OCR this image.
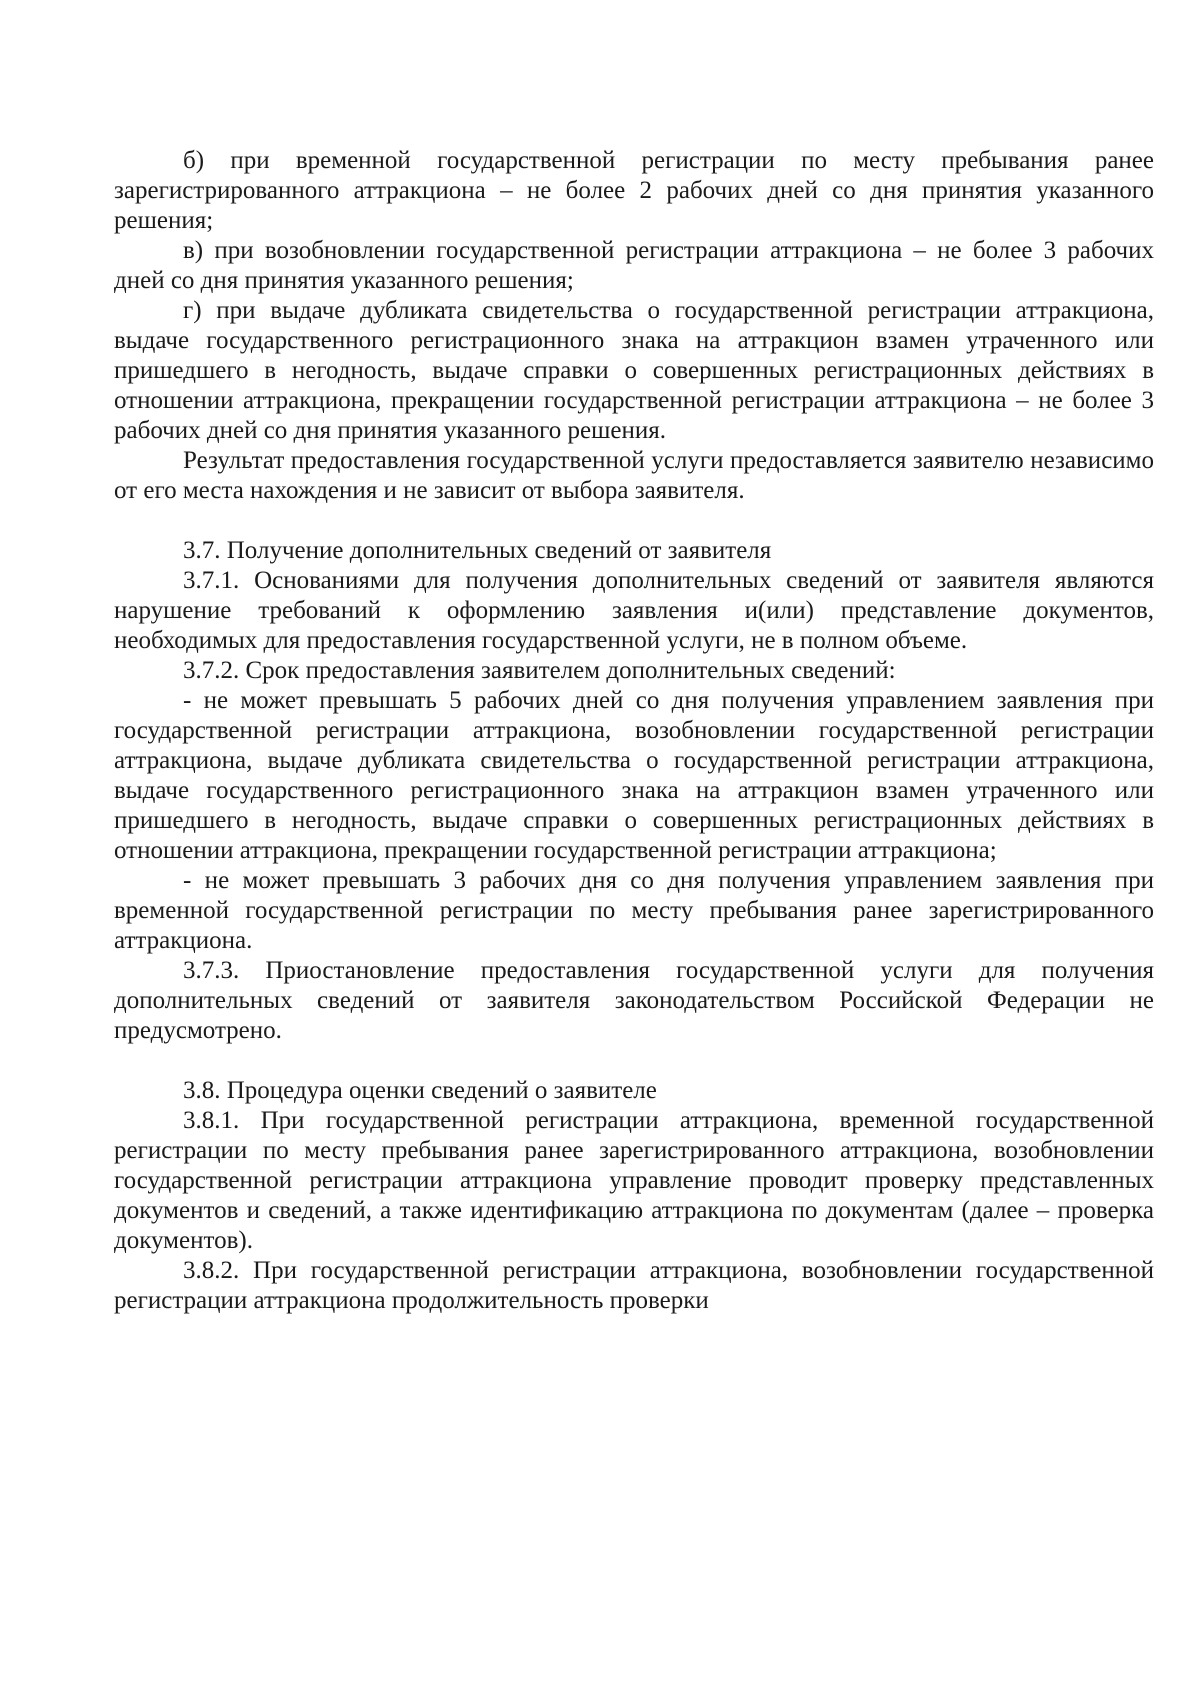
б) при временной государственной регистрации по месту пребывания ранее зарегистрированного аттракциона – не более 2 рабочих дней со дня принятия указанного решения;

в) при возобновлении государственной регистрации аттракциона – не более 3 рабочих дней со дня принятия указанного решения;

г) при выдаче дубликата свидетельства о государственной регистрации аттракциона, выдаче государственного регистрационного знака на аттракцион взамен утраченного или пришедшего в негодность, выдаче справки о совершенных регистрационных действиях в отношении аттракциона, прекращении государственной регистрации аттракциона – не более 3 рабочих дней со дня принятия указанного решения.

Результат предоставления государственной услуги предоставляется заявителю независимо от его места нахождения и не зависит от выбора заявителя.

3.7. Получение дополнительных сведений от заявителя

3.7.1. Основаниями для получения дополнительных сведений от заявителя являются нарушение требований к оформлению заявления и(или) представление документов, необходимых для предоставления государственной услуги, не в полном объеме.

3.7.2. Срок предоставления заявителем дополнительных сведений:

- не может превышать 5 рабочих дней со дня получения управлением заявления при государственной регистрации аттракциона, возобновлении государственной регистрации аттракциона, выдаче дубликата свидетельства о государственной регистрации аттракциона, выдаче государственного регистрационного знака на аттракцион взамен утраченного или пришедшего в негодность, выдаче справки о совершенных регистрационных действиях в отношении аттракциона, прекращении государственной регистрации аттракциона;

- не может превышать 3 рабочих дня со дня получения управлением заявления при временной государственной регистрации по месту пребывания ранее зарегистрированного аттракциона.

3.7.3. Приостановление предоставления государственной услуги для получения дополнительных сведений от заявителя законодательством Российской Федерации не предусмотрено.

3.8. Процедура оценки сведений о заявителе

3.8.1. При государственной регистрации аттракциона, временной государственной регистрации по месту пребывания ранее зарегистрированного аттракциона, возобновлении государственной регистрации аттракциона управление проводит проверку представленных документов и сведений, а также идентификацию аттракциона по документам (далее – проверка документов).

3.8.2. При государственной регистрации аттракциона, возобновлении государственной регистрации аттракциона продолжительность проверки
